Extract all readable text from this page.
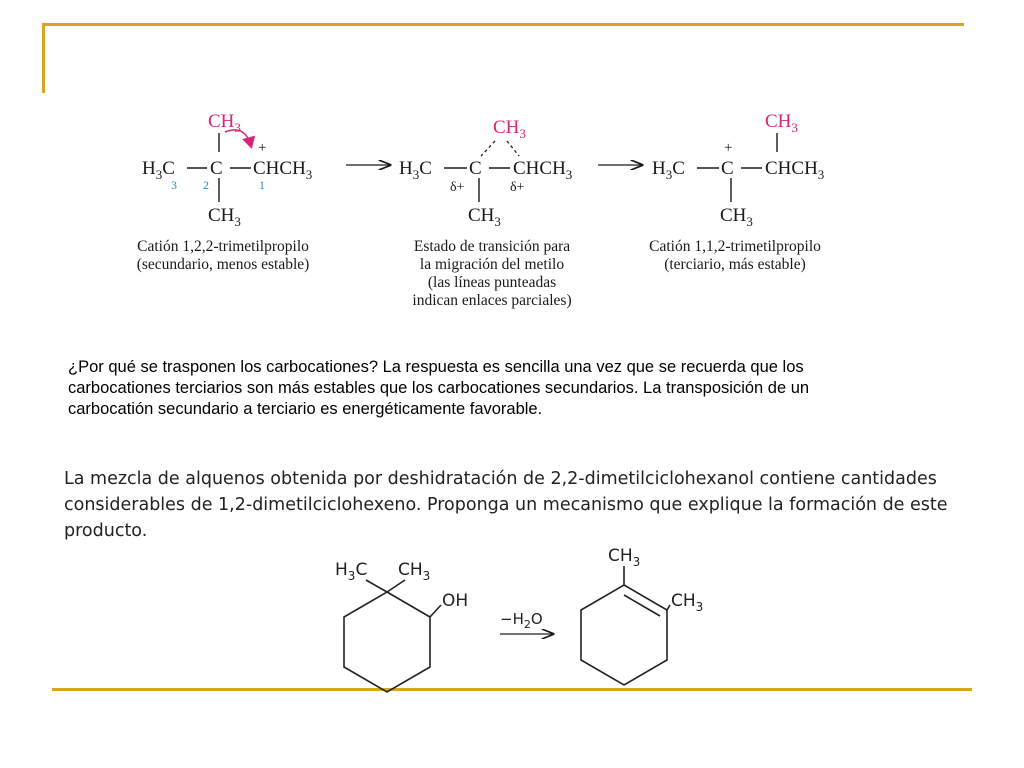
$CH_3$
+
$H_3C$ C $CHCH_3$
$CH_3$
3 2	1
$CH_3$
$H_3C$ C $CHCH_3$
$CH_3$
δ+	δ+
$CH_3$
+
$H_3C$ C $CHCH_3$
$CH_3$
$H_3C$ $CH_3$
OH
$-H_2O$
$CH_3$
$CH_3$
Catión 1,2,2-trimetilpropilo
(secundario, menos estable)
Estado de transición para
la migración del metilo
(las líneas punteadas
indican enlaces parciales)
Catión 1,1,2-trimetilpropilo
(terciario, más estable)
¿Por qué se trasponen los carbocationes? La respuesta es sencilla una vez que se recuerda que los
carbocationes terciarios son más estables que los carbocationes secundarios. La transposición de un
carbocatión secundario a terciario es energéticamente favorable.
La mezcla de alquenos obtenida por deshidratación de 2,2-dimetilciclohexanol contiene cantidades
considerables de 1,2-dimetilciclohexeno. Proponga un mecanismo que explique la formación de este
producto.
